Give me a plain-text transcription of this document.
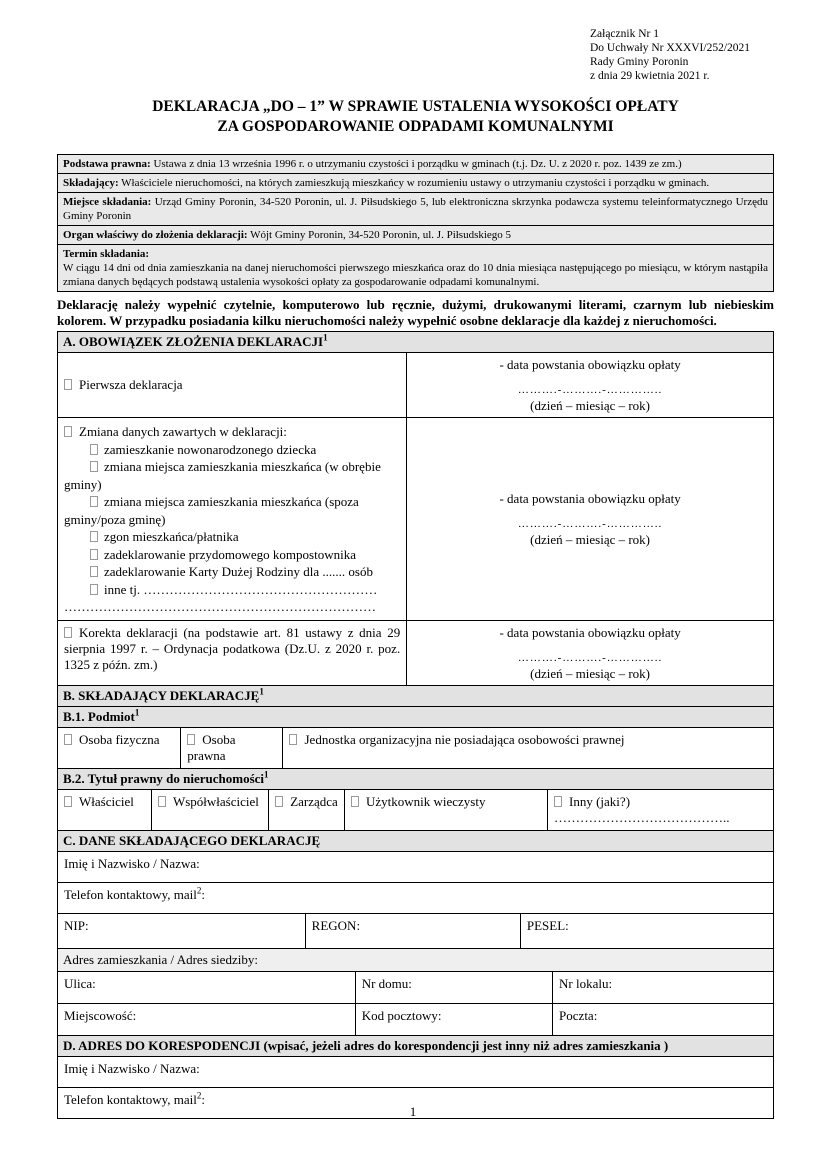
Załącznik Nr 1
Do Uchwały Nr XXXVI/252/2021
Rady Gminy Poronin
z dnia 29 kwietnia 2021 r.
DEKLARACJA „DO – 1” W SPRAWIE USTALENIA WYSOKOŚCI OPŁATY
ZA GOSPODAROWANIE ODPADAMI KOMUNALNYMI
Podstawa prawna: Ustawa z dnia 13 września 1996 r. o utrzymaniu czystości i porządku w gminach (t.j. Dz. U. z 2020 r. poz. 1439 ze zm.)
Składający: Właściciele nieruchomości, na których zamieszkują mieszkańcy w rozumieniu ustawy o utrzymaniu czystości i porządku w gminach.
Miejsce składania: Urząd Gminy Poronin, 34-520 Poronin, ul. J. Piłsudskiego 5, lub elektroniczna skrzynka podawcza systemu teleinformatycznego Urzędu Gminy Poronin
Organ właściwy do złożenia deklaracji: Wójt Gminy Poronin, 34-520 Poronin, ul. J. Piłsudskiego 5
Termin składania:
W ciągu 14 dni od dnia zamieszkania na danej nieruchomości pierwszego mieszkańca oraz do 10 dnia miesiąca następującego po miesiącu, w którym nastąpiła zmiana danych będących podstawą ustalenia wysokości opłaty za gospodarowanie odpadami komunalnymi.
Deklarację należy wypełnić czytelnie, komputerowo lub ręcznie, dużymi, drukowanymi literami, czarnym lub niebieskim kolorem. W przypadku posiadania kilku nieruchomości należy wypełnić osobne deklaracje dla każdej z nieruchomości.
A. OBOWIĄZEK ZŁOŻENIA DEKLARACJI$^1$
Pierwsza deklaracja
- data powstania obowiązku opłaty
……….-……….-…………..
(dzień – miesiąc – rok)
Zmiana danych zawartych w deklaracji:
zamieszkanie nowonarodzonego dziecka
zmiana miejsca zamieszkania mieszkańca (w obrębie gminy)
zmiana miejsca zamieszkania mieszkańca (spoza gminy/poza gminę)
zgon mieszkańca/płatnika
zadeklarowanie przydomowego kompostownika
zadeklarowanie Karty Dużej Rodziny dla ....... osób
inne tj. ………………………………………………
………………………………………………………………
- data powstania obowiązku opłaty
……….-……….-…………..
(dzień – miesiąc – rok)
Korekta deklaracji (na podstawie art. 81 ustawy z dnia 29 sierpnia 1997 r. – Ordynacja podatkowa (Dz.U. z 2020 r. poz. 1325 z późn. zm.)
- data powstania obowiązku opłaty
……….-……….-…………..
(dzień – miesiąc – rok)
B. SKŁADAJĄCY DEKLARACJĘ$^1$
B.1. Podmiot$^1$
Osoba fizyczna	Osoba prawna
Jednostka organizacyjna nie posiadająca osobowości prawnej
B.2. Tytuł prawny do nieruchomości$^1$
Właściciel	Współwłaściciel	Zarządca	Użytkownik wieczysty	Inny (jaki?) …………………………………..
C. DANE SKŁADAJĄCEGO DEKLARACJĘ
Imię i Nazwisko / Nazwa:
Telefon kontaktowy, mail$^2$:
NIP:	REGON:	PESEL:
Adres zamieszkania / Adres siedziby:
Ulica:	Nr domu:	Nr lokalu:
Miejscowość:	Kod pocztowy:	Poczta:
D. ADRES DO KORESPODENCJI (wpisać, jeżeli adres do korespondencji jest inny niż adres zamieszkania )
Imię i Nazwisko / Nazwa:
Telefon kontaktowy, mail$^2$:
1
